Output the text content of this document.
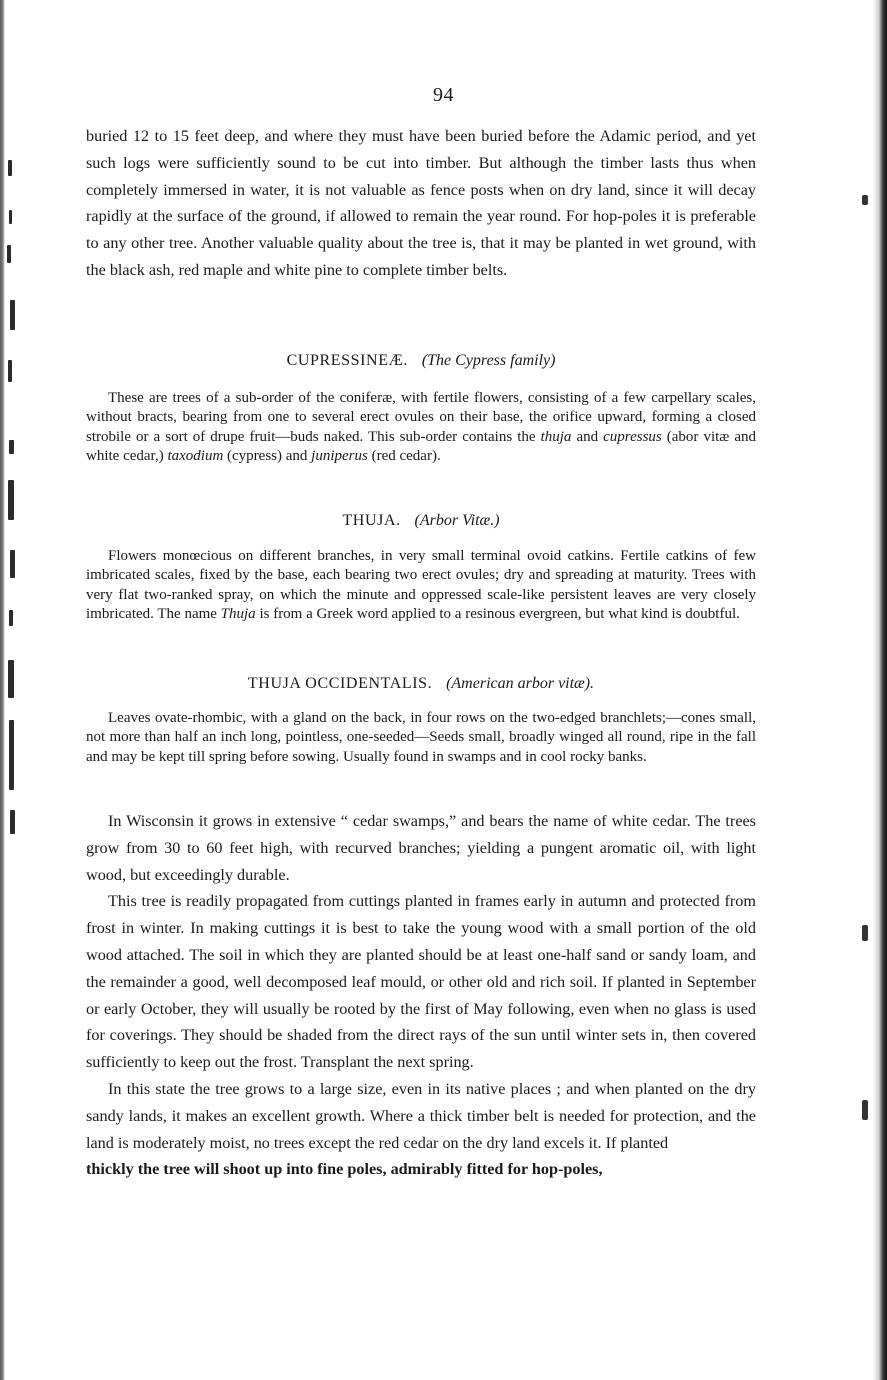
94

buried 12 to 15 feet deep, and where they must have been buried before the Adamic period, and yet such logs were sufficiently sound to be cut into timber. But although the timber lasts thus when completely immersed in water, it is not valuable as fence posts when on dry land, since it will decay rapidly at the surface of the ground, if allowed to remain the year round. For hop-poles it is preferable to any other tree. Another valuable quality about the tree is, that it may be planted in wet ground, with the black ash, red maple and white pine to complete timber belts.

CUPRESSINEÆ. (The Cypress family)

These are trees of a sub-order of the coniferæ, with fertile flowers, consisting of a few carpellary scales, without bracts, bearing from one to several erect ovules on their base, the orifice upward, forming a closed strobile or a sort of drupe fruit—buds naked. This sub-order contains the thuja and cupressus (abor vitæ and white cedar,) taxodium (cypress) and juniperus (red cedar).

THUJA. (Arbor Vitæ.)

Flowers monœcious on different branches, in very small terminal ovoid catkins. Fertile catkins of few imbricated scales, fixed by the base, each bearing two erect ovules; dry and spreading at maturity. Trees with very flat two-ranked spray, on which the minute and oppressed scale-like persistent leaves are very closely imbricated. The name Thuja is from a Greek word applied to a resinous evergreen, but what kind is doubtful.

THUJA OCCIDENTALIS. (American arbor vitæ).

Leaves ovate-rhombic, with a gland on the back, in four rows on the two-edged branchlets;—cones small, not more than half an inch long, pointless, one-seeded—Seeds small, broadly winged all round, ripe in the fall and may be kept till spring before sowing. Usually found in swamps and in cool rocky banks.

In Wisconsin it grows in extensive “ cedar swamps,” and bears the name of white cedar. The trees grow from 30 to 60 feet high, with recurved branches; yielding a pungent aromatic oil, with light wood, but exceedingly durable.

This tree is readily propagated from cuttings planted in frames early in autumn and protected from frost in winter. In making cuttings it is best to take the young wood with a small portion of the old wood attached. The soil in which they are planted should be at least one-half sand or sandy loam, and the remainder a good, well decomposed leaf mould, or other old and rich soil. If planted in September or early October, they will usually be rooted by the first of May following, even when no glass is used for coverings. They should be shaded from the direct rays of the sun until winter sets in, then covered sufficiently to keep out the frost. Transplant the next spring.

In this state the tree grows to a large size, even in its native places ; and when planted on the dry sandy lands, it makes an excellent growth. Where a thick timber belt is needed for protection, and the land is moderately moist, no trees except the red cedar on the dry land excels it. If planted

thickly the tree will shoot up into fine poles, admirably fitted for hop-poles,
